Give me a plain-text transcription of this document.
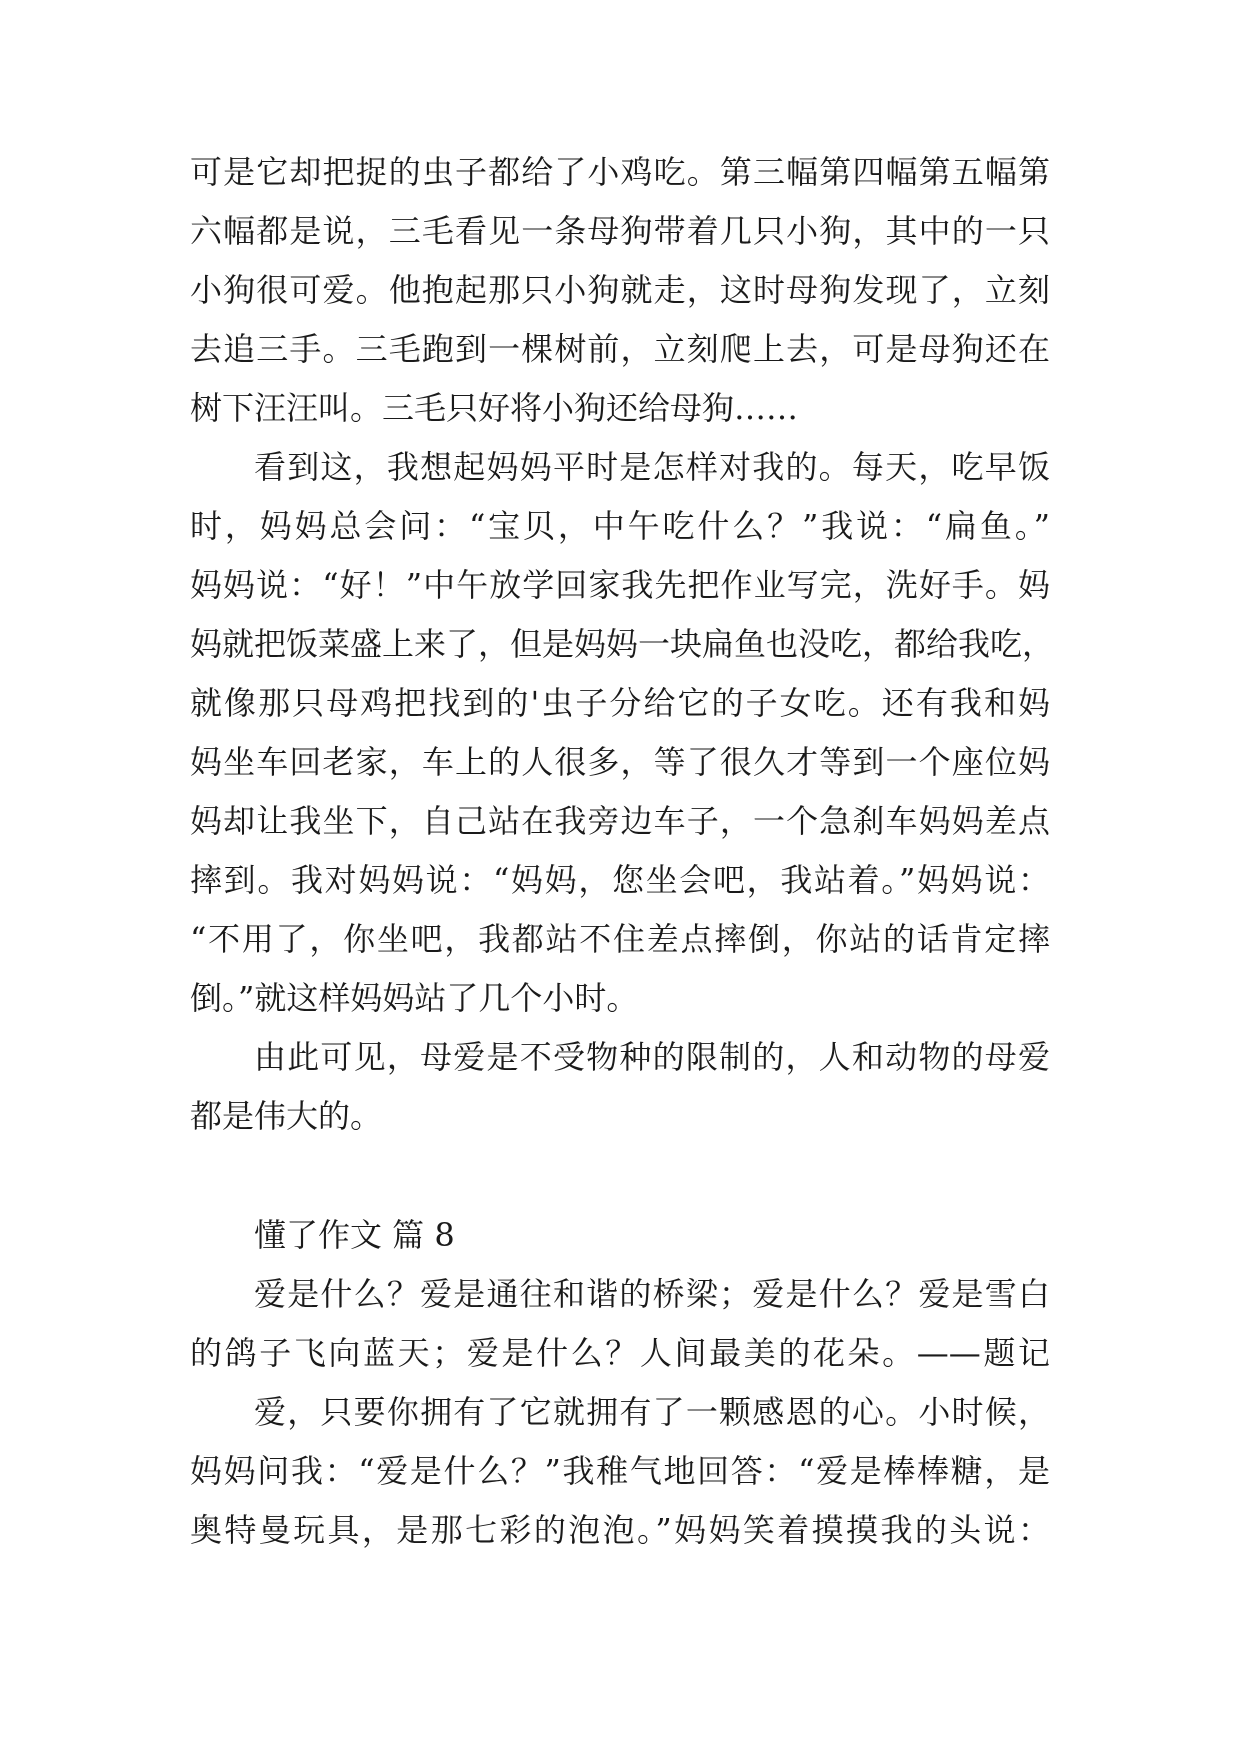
可是它却把捉的虫子都给了小鸡吃。第三幅第四幅第五幅第
六幅都是说，三毛看见一条母狗带着几只小狗，其中的一只
小狗很可爱。他抱起那只小狗就走，这时母狗发现了，立刻
去追三手。三毛跑到一棵树前，立刻爬上去，可是母狗还在
树下汪汪叫。三毛只好将小狗还给母狗……
看到这，我想起妈妈平时是怎样对我的。每天，吃早饭
时，妈妈总会问：“宝贝，中午吃什么？”我说：“扁鱼。”
妈妈说：“好！”中午放学回家我先把作业写完，洗好手。妈
妈就把饭菜盛上来了，但是妈妈一块扁鱼也没吃，都给我吃，
就像那只母鸡把找到的'虫子分给它的子女吃。还有我和妈
妈坐车回老家，车上的人很多，等了很久才等到一个座位妈
妈却让我坐下，自己站在我旁边车子，一个急刹车妈妈差点
摔到。我对妈妈说：“妈妈，您坐会吧，我站着。”妈妈说：
“不用了，你坐吧，我都站不住差点摔倒，你站的话肯定摔
倒。”就这样妈妈站了几个小时。
由此可见，母爱是不受物种的限制的，人和动物的母爱
都是伟大的。
懂了作文 篇 8
爱是什么？爱是通往和谐的桥梁；爱是什么？爱是雪白
的鸽子飞向蓝天；爱是什么？人间最美的花朵。——题记
爱，只要你拥有了它就拥有了一颗感恩的心。小时候，
妈妈问我：“爱是什么？”我稚气地回答：“爱是棒棒糖，是
奥特曼玩具，是那七彩的泡泡。”妈妈笑着摸摸我的头说：
